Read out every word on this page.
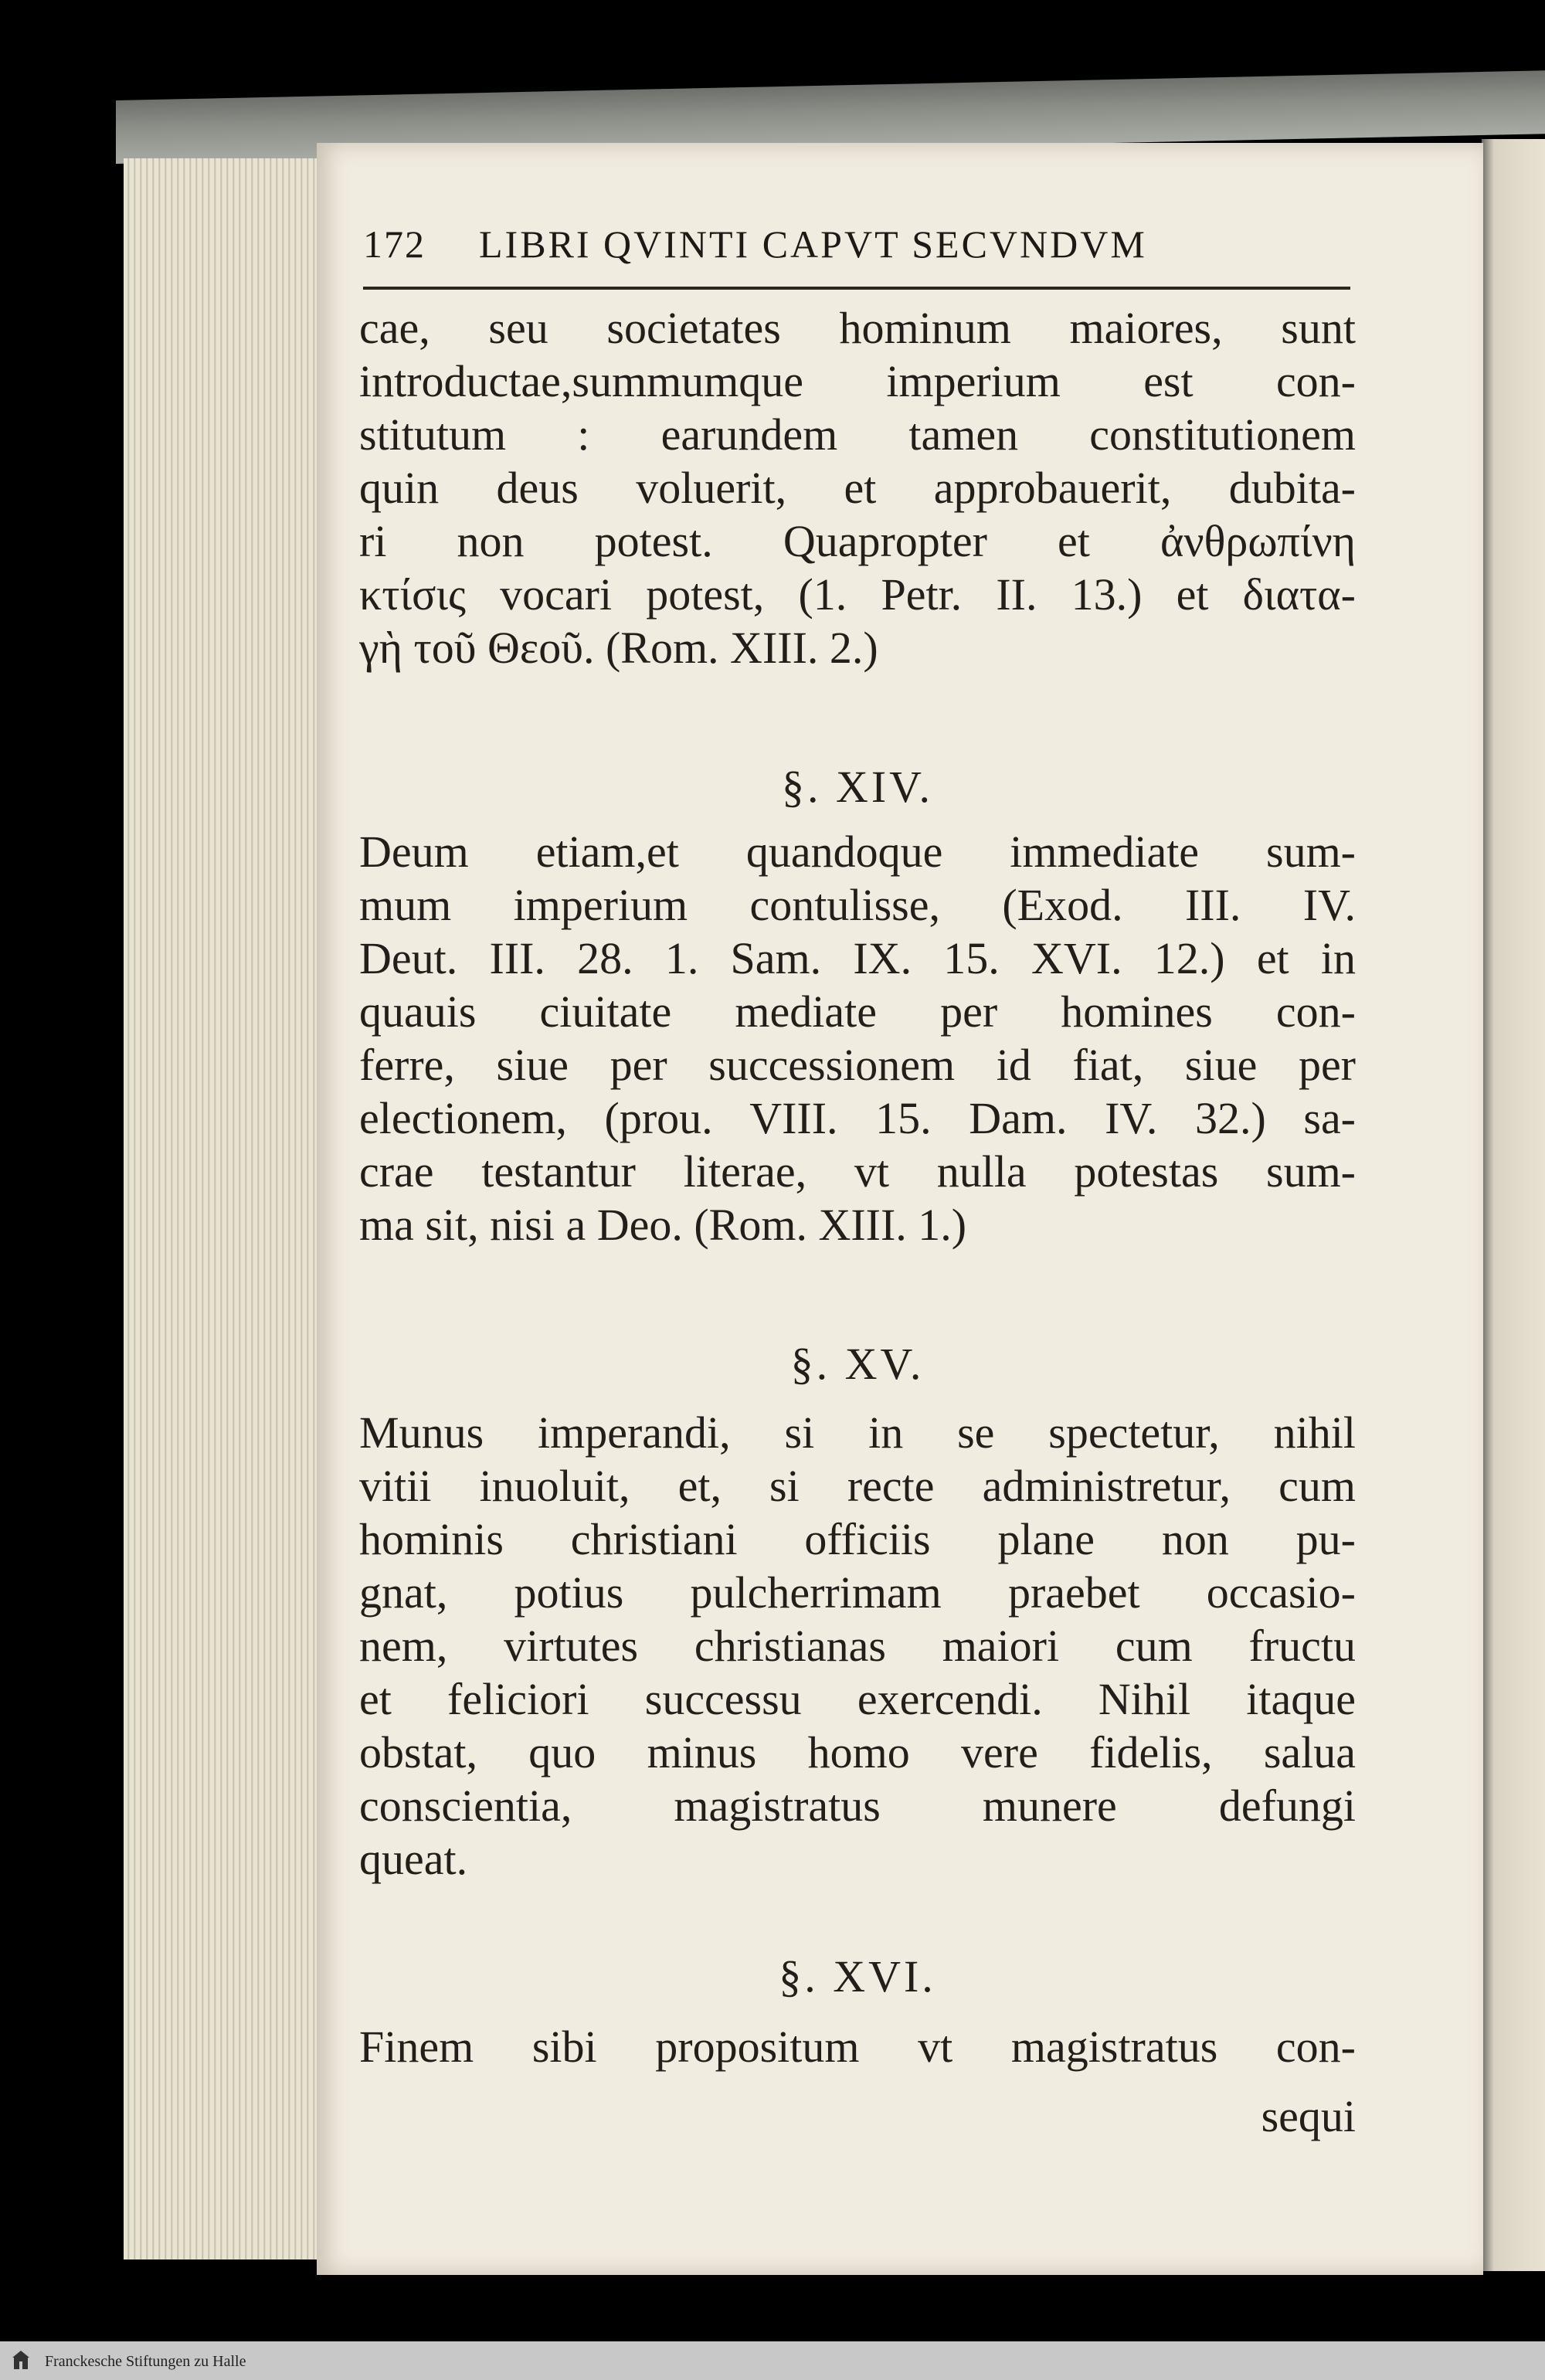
172 LIBRI QVINTI CAPVT SECVNDVM
cae, seu societates hominum maiores, sunt
introductae,summumque imperium est con-
stitutum : earundem tamen constitutionem
quin deus voluerit, et approbauerit, dubita-
ri non potest. Quapropter et ἀνθρωπίνη
κτίσις vocari potest, (1. Petr. II. 13.) et διατα-
γὴ τοῦ Θεοῦ. (Rom. XIII. 2.)
§. XIV.
Deum etiam,et quandoque immediate sum-
mum imperium contulisse, (Exod. III. IV.
Deut. III. 28. 1. Sam. IX. 15. XVI. 12.) et in
quauis ciuitate mediate per homines con-
ferre, siue per successionem id fiat, siue per
electionem, (prou. VIII. 15. Dam. IV. 32.) sa-
crae testantur literae, vt nulla potestas sum-
ma sit, nisi a Deo. (Rom. XIII. 1.)
§. XV.
Munus imperandi, si in se spectetur, nihil
vitii inuoluit, et, si recte administretur, cum
hominis christiani officiis plane non pu-
gnat, potius pulcherrimam praebet occasio-
nem, virtutes christianas maiori cum fructu
et feliciori successu exercendi. Nihil itaque
obstat, quo minus homo vere fidelis, salua
conscientia, magistratus munere defungi
queat.
§. XVI.
Finem sibi propositum vt magistratus con-
sequi
Franckesche Stiftungen zu Halle
